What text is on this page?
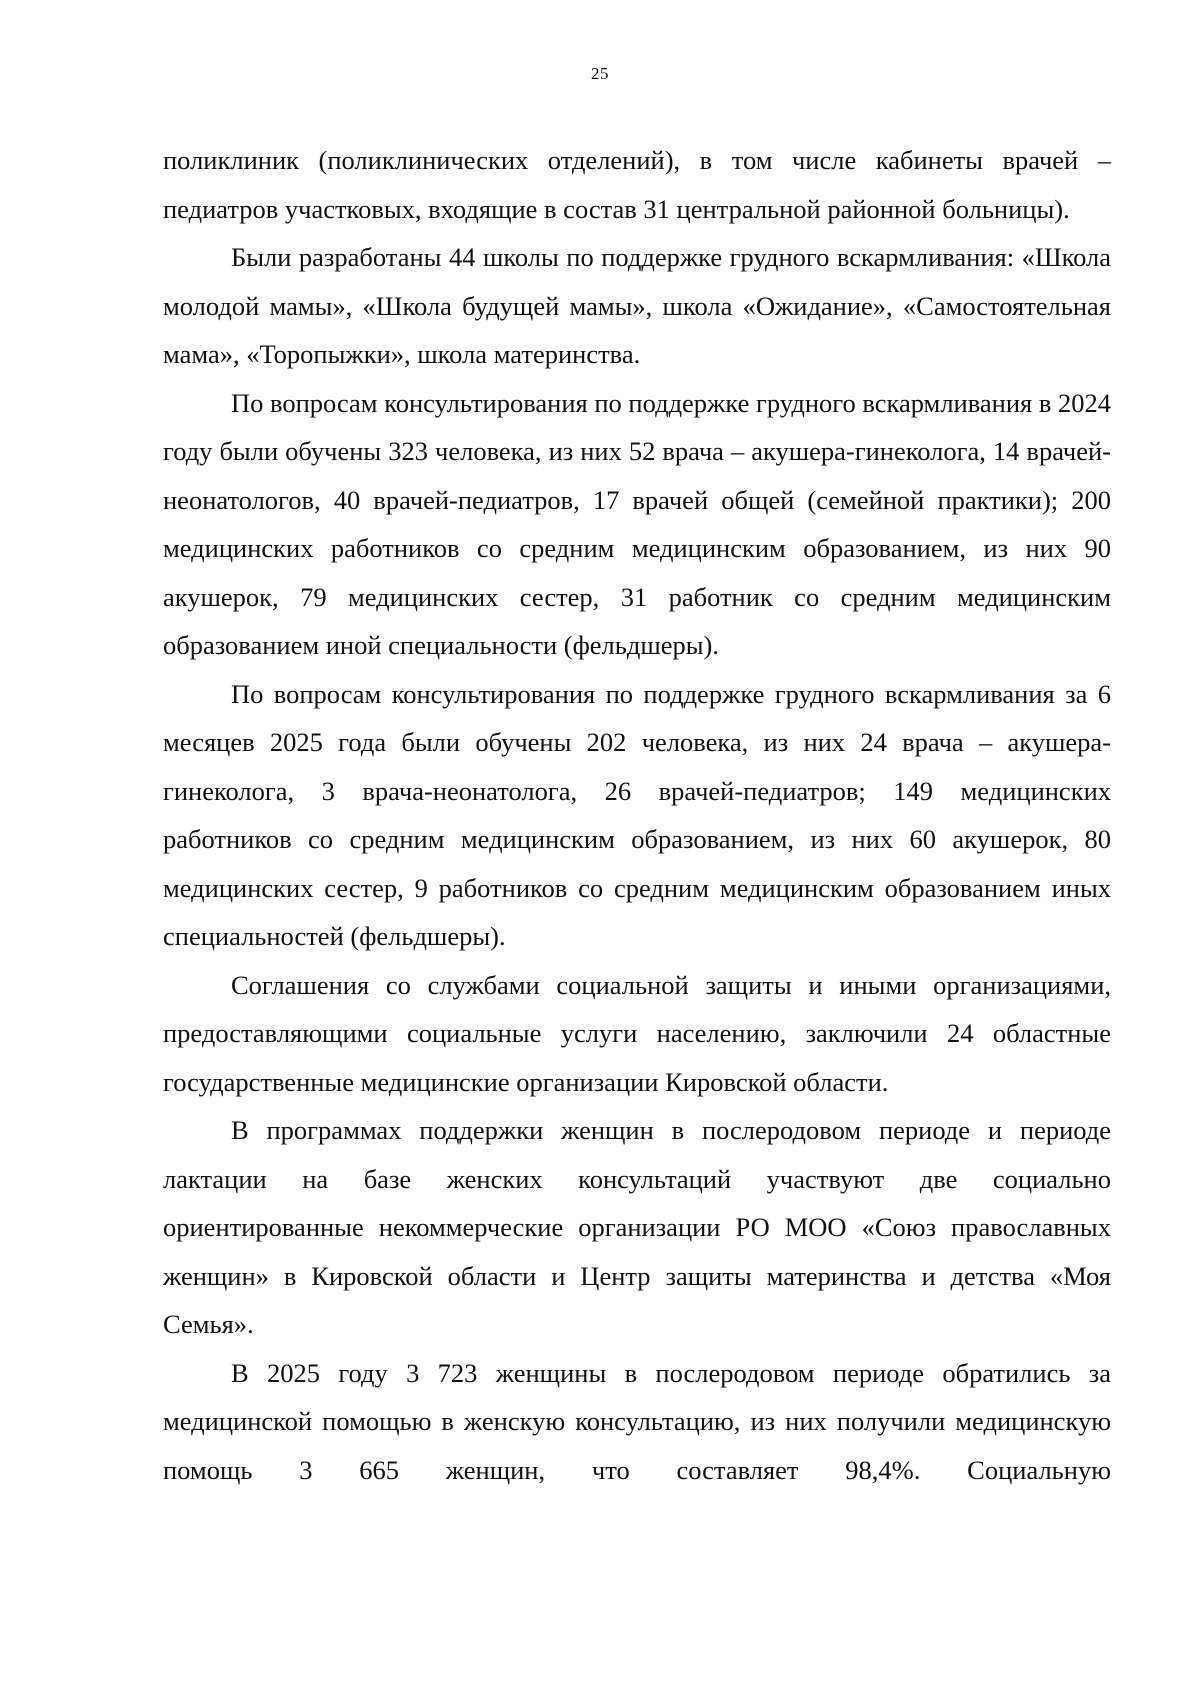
25

поликлиник (поликлинических отделений), в том числе кабинеты врачей – педиатров участковых, входящие в состав 31 центральной районной больницы).

Были разработаны 44 школы по поддержке грудного вскармливания: «Школа молодой мамы», «Школа будущей мамы», школа «Ожидание», «Самостоятельная мама», «Торопыжки», школа материнства.

По вопросам консультирования по поддержке грудного вскармливания в 2024 году были обучены 323 человека, из них 52 врача – акушера-гинеколога, 14 врачей-неонатологов, 40 врачей-педиатров, 17 врачей общей (семейной практики); 200 медицинских работников со средним медицинским образованием, из них 90 акушерок, 79 медицинских сестер, 31 работник со средним медицинским образованием иной специальности (фельдшеры).

По вопросам консультирования по поддержке грудного вскармливания за 6 месяцев 2025 года были обучены 202 человека, из них 24 врача – акушера-гинеколога, 3 врача-неонатолога, 26 врачей-педиатров; 149 медицинских работников со средним медицинским образованием, из них 60 акушерок, 80 медицинских сестер, 9 работников со средним медицинским образованием иных специальностей (фельдшеры).

Соглашения со службами социальной защиты и иными организациями, предоставляющими социальные услуги населению, заключили 24 областные государственные медицинские организации Кировской области.

В программах поддержки женщин в послеродовом периоде и периоде лактации на базе женских консультаций участвуют две социально ориентированные некоммерческие организации РО МОО «Союз православных женщин» в Кировской области и Центр защиты материнства и детства «Моя Семья».

В 2025 году 3 723 женщины в послеродовом периоде обратились за медицинской помощью в женскую консультацию, из них получили медицинскую помощь 3 665 женщин, что составляет 98,4%. Социальную
